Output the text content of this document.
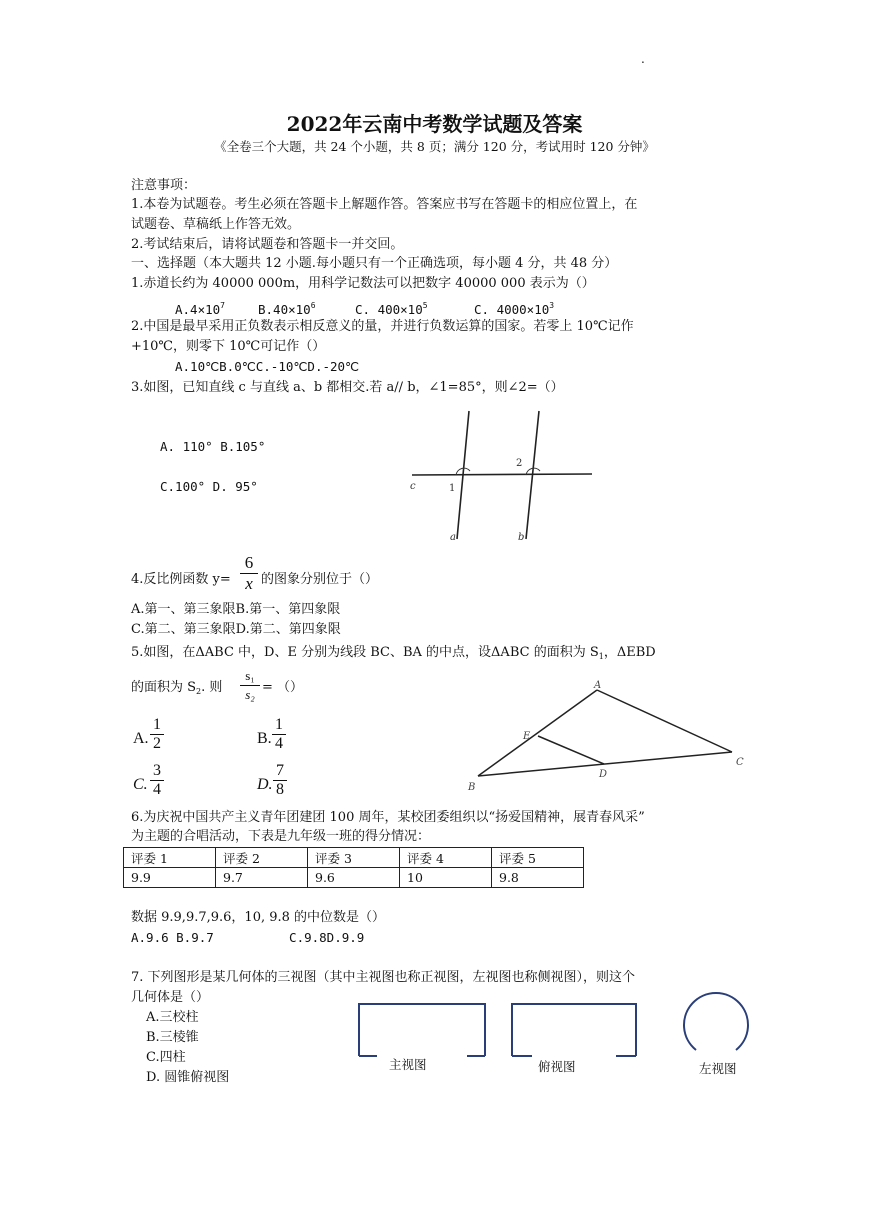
.
2022年云南中考数学试题及答案
《全卷三个大题，共 24 个小题，共 8 页；满分 120 分，考试用时 120 分钟》
注意事项：
1.本卷为试题卷。考生必须在答题卡上解题作答。答案应书写在答题卡的相应位置上，在
试题卷、草稿纸上作答无效。
2.考试结束后，请将试题卷和答题卡一并交回。
一、选择题（本大题共 12 小题.每小题只有一个正确选项，每小题 4 分，共 48 分）
1.赤道长约为 40000 000m，用科学记数法可以把数字 40000 000 表示为（）
$A.4\times 10^7$	$B.40\times 10^6$	C. $400\times 10^5$	C. $4000\times 10^3$
2.中国是最早采用正负数表示相反意义的量，并进行负数运算的国家。若零上 10℃记作
+10℃，则零下 10℃可记作（）
A.10℃B.0℃C.-10℃D.-20℃
3.如图，已知直线 c 与直线 a、b 都相交.若 a// b，∠1=85°，则∠2=（）
A. 110° B.105°
C.100° D. 95°	c	1
2
a	b
4.反比例函数 $y= \frac{6}{x}$ 的图象分别位于（）
A.第一、第三象限B.第一、第四象限
C.第二、第三象限D.第二、第四象限
5.如图，在ΔABC 中，D、E 分别为线段 BC、BA 的中点，设ΔABC 的面积为 $S_1$，ΔEBD
的面积为 $S_2$. 则 $\frac{\text{s₁}}{\text{s₂}}$ = （）
A. $\frac{1}{2}$	B. $\frac{1}{4}$
C. $\frac{3}{4}$	D. $\frac{7}{8}$
A
B
C
D
E
6.为庆祝中国共产主义青年团建团 100 周年，某校团委组织以“扬爱国精神，展青春风采”
为主题的合唱活动，下表是九年级一班的得分情况：
评委 1	评委 2	评委 3	评委 4	评委 5
9.9	9.7	9.6	10	9.8
数据 9.9,9.7,9.6，10, 9.8 的中位数是（）
A.9.6 B.9.7          C.9.8D.9.9
7. 下列图形是某几何体的三视图（其中主视图也称正视图，左视图也称侧视图），则这个
几何体是（）
A.三校柱
B.三棱锥
C.四柱
D. 圆锥俯视图
主视图	俯视图	左视图
